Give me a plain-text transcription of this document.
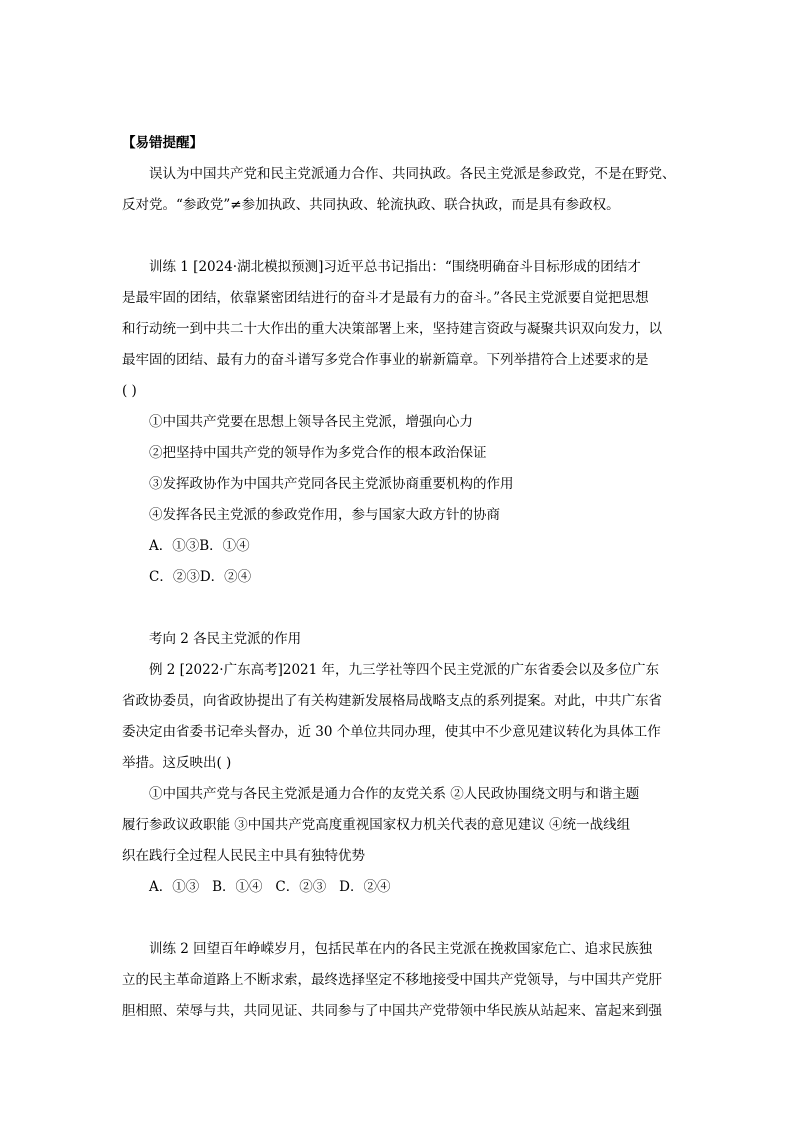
【易错提醒】
误认为中国共产党和民主党派通力合作、共同执政。各民主党派是参政党，不是在野党、
反对党。“参政党”≠参加执政、共同执政、轮流执政、联合执政，而是具有参政权。
训练 1 [2024·湖北模拟预测]习近平总书记指出：“围绕明确奋斗目标形成的团结才
是最牢固的团结，依靠紧密团结进行的奋斗才是最有力的奋斗。”各民主党派要自觉把思想
和行动统一到中共二十大作出的重大决策部署上来，坚持建言资政与凝聚共识双向发力，以
最牢固的团结、最有力的奋斗谱写多党合作事业的崭新篇章。下列举措符合上述要求的是
( )
①中国共产党要在思想上领导各民主党派，增强向心力
②把坚持中国共产党的领导作为多党合作的根本政治保证
③发挥政协作为中国共产党同各民主党派协商重要机构的作用
④发挥各民主党派的参政党作用，参与国家大政方针的协商
A．①③B．①④
C．②③D．②④
考向 2 各民主党派的作用
例 2 [2022·广东高考]2021 年，九三学社等四个民主党派的广东省委会以及多位广东
省政协委员，向省政协提出了有关构建新发展格局战略支点的系列提案。对此，中共广东省
委决定由省委书记牵头督办，近 30 个单位共同办理，使其中不少意见建议转化为具体工作
举措。这反映出( )
①中国共产党与各民主党派是通力合作的友党关系 ②人民政协围绕文明与和谐主题
履行参政议政职能 ③中国共产党高度重视国家权力机关代表的意见建议 ④统一战线组
织在践行全过程人民民主中具有独特优势
A．①③   B．①④   C．②③   D．②④
训练 2 回望百年峥嵘岁月，包括民革在内的各民主党派在挽救国家危亡、追求民族独
立的民主革命道路上不断求索，最终选择坚定不移地接受中国共产党领导，与中国共产党肝
胆相照、荣辱与共，共同见证、共同参与了中国共产党带领中华民族从站起来、富起来到强
